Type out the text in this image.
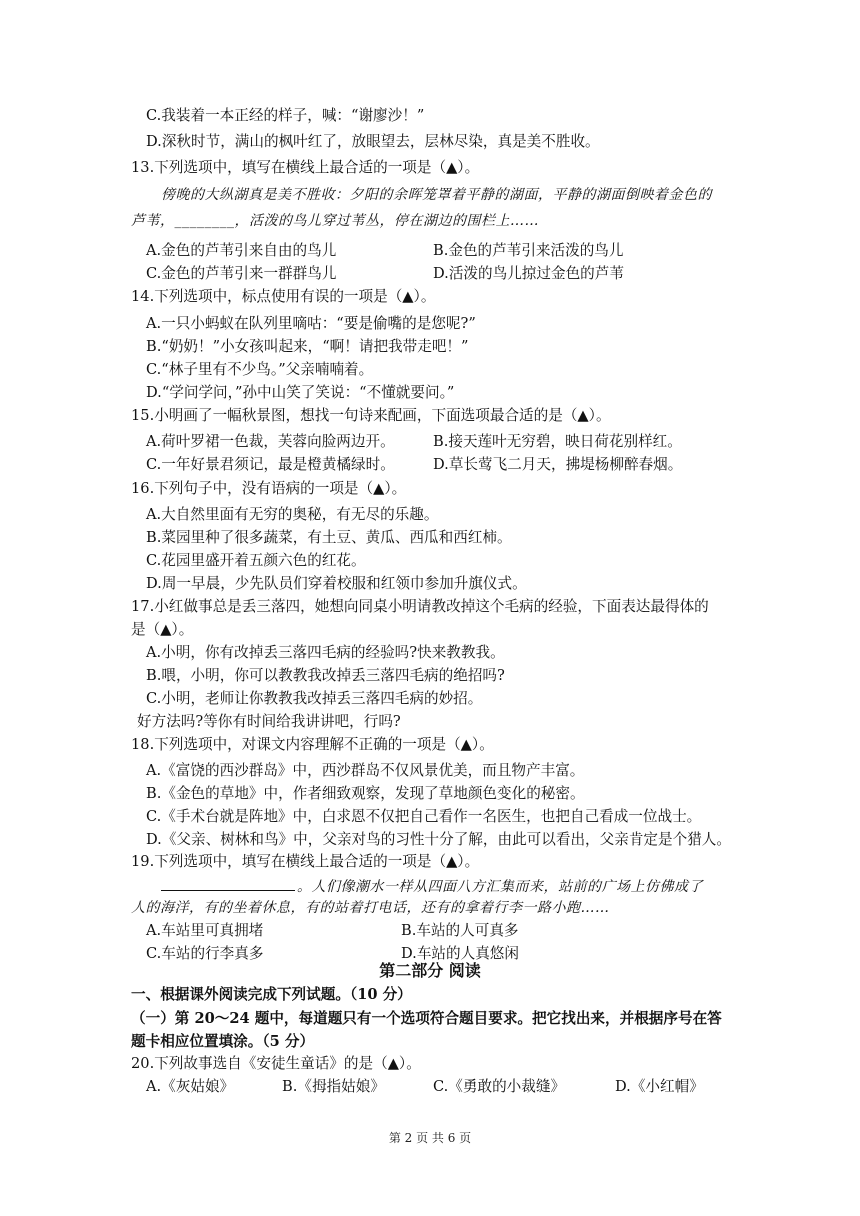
C.我装着一本正经的样子，喊：“谢廖沙！”
D.深秋时节，满山的枫叶红了，放眼望去，层林尽染，真是美不胜收。
13.下列选项中，填写在横线上最合适的一项是（▲）。
傍晚的大纵湖真是美不胜收：夕阳的余晖笼罩着平静的湖面，平静的湖面倒映着金色的
芦苇，________，活泼的鸟儿穿过苇丛，停在湖边的围栏上……
A.金色的芦苇引来自由的鸟儿	B.金色的芦苇引来活泼的鸟儿
C.金色的芦苇引来一群群鸟儿	D.活泼的鸟儿掠过金色的芦苇
14.下列选项中，标点使用有误的一项是（▲）。
A.一只小蚂蚁在队列里嘀咕：“要是偷嘴的是您呢?”
B.“奶奶！”小女孩叫起来，“啊！请把我带走吧！”
C.“林子里有不少鸟。”父亲喃喃着。
D.“学问学问，”孙中山笑了笑说：“不懂就要问。”
15.小明画了一幅秋景图，想找一句诗来配画，下面选项最合适的是（▲）。
A.荷叶罗裙一色裁，芙蓉向脸两边开。	B.接天莲叶无穷碧，映日荷花别样红。
C.一年好景君须记，最是橙黄橘绿时。	D.草长莺飞二月天，拂堤杨柳醉春烟。
16.下列句子中，没有语病的一项是（▲）。
A.大自然里面有无穷的奥秘，有无尽的乐趣。
B.菜园里种了很多蔬菜，有土豆、黄瓜、西瓜和西红柿。
C.花园里盛开着五颜六色的红花。
D.周一早晨，少先队员们穿着校服和红领巾参加升旗仪式。
17.小红做事总是丢三落四，她想向同桌小明请教改掉这个毛病的经验，下面表达最得体的
是（▲）。
A.小明，你有改掉丢三落四毛病的经验吗?快来教教我。
B.喂，小明，你可以教教我改掉丢三落四毛病的绝招吗?
C.小明，老师让你教教我改掉丢三落四毛病的妙招。
好方法吗?等你有时间给我讲讲吧，行吗?
18.下列选项中，对课文内容理解不正确的一项是（▲）。
A.《富饶的西沙群岛》中，西沙群岛不仅风景优美，而且物产丰富。
B.《金色的草地》中，作者细致观察，发现了草地颜色变化的秘密。
C.《手术台就是阵地》中，白求恩不仅把自己看作一名医生，也把自己看成一位战士。
D.《父亲、树林和鸟》中，父亲对鸟的习性十分了解，由此可以看出，父亲肯定是个猎人。
19.下列选项中，填写在横线上最合适的一项是（▲）。
。人们像潮水一样从四面八方汇集而来，站前的广场上仿佛成了
人的海洋，有的坐着休息，有的站着打电话，还有的拿着行李一路小跑……
A.车站里可真拥堵	B.车站的人可真多
C.车站的行李真多	D.车站的人真悠闲
第二部分 阅读
一、根据课外阅读完成下列试题。（10 分）
（一）第 20～24 题中，每道题只有一个选项符合题目要求。把它找出来，并根据序号在答
题卡相应位置填涂。（5 分）
20.下列故事选自《安徒生童话》的是（▲）。
A.《灰姑娘》	B.《拇指姑娘》	C.《勇敢的小裁缝》	D.《小红帽》
第 2 页 共 6 页
